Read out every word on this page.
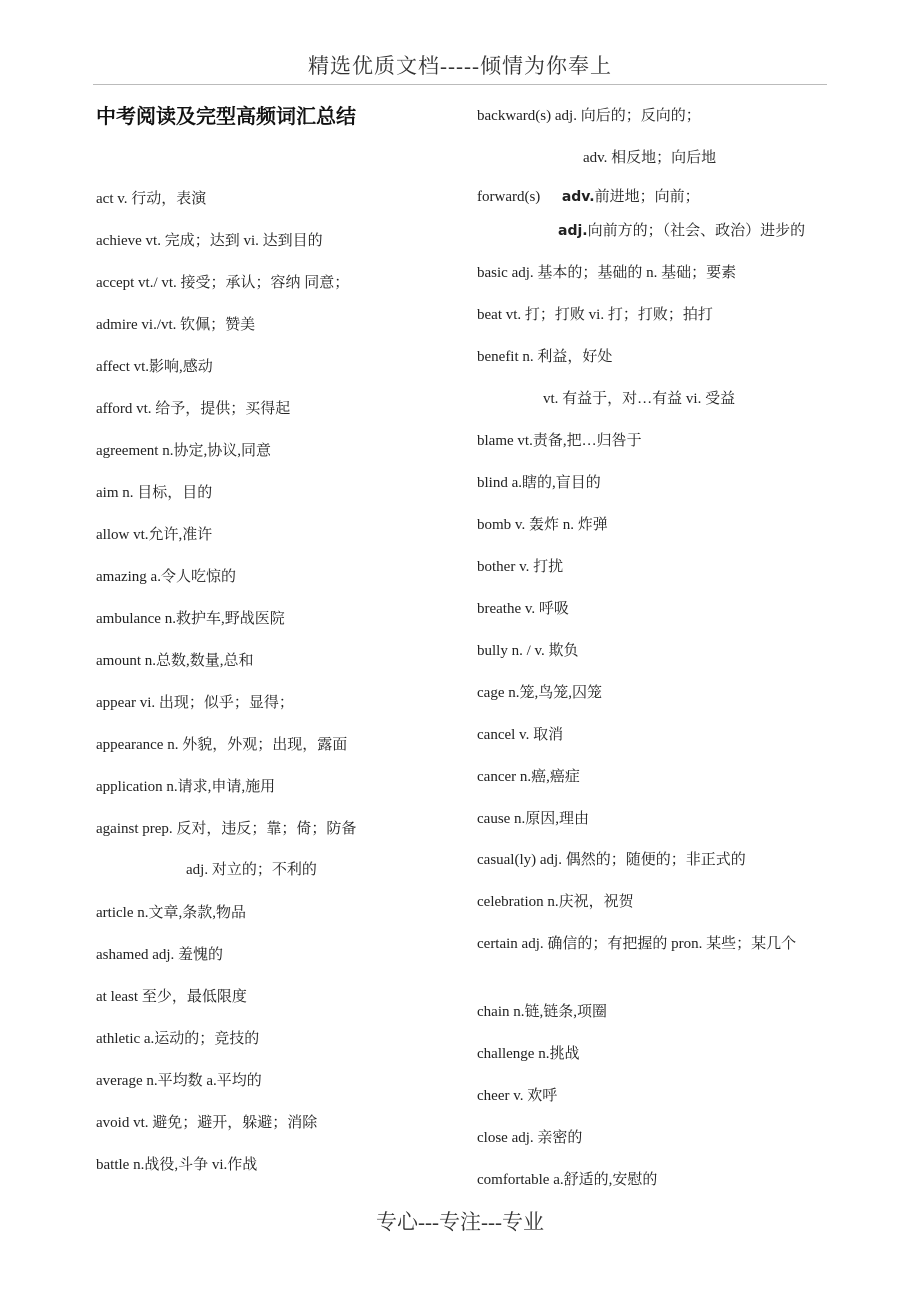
精选优质文档-----倾情为你奉上
中考阅读及完型高频词汇总结
act v. 行动，表演
achieve vt. 完成；达到 vi. 达到目的
accept vt./ vt. 接受；承认；容纳 同意；
admire vi./vt. 钦佩；赞美
affect vt.影响,感动
afford vt. 给予，提供；买得起
agreement n.协定,协议,同意
aim n. 目标，目的
allow vt.允许,准许
amazing a.令人吃惊的
ambulance n.救护车,野战医院
amount n.总数,数量,总和
appear vi. 出现；似乎；显得；
appearance n. 外貌，外观；出现，露面
application n.请求,申请,施用
against prep. 反对，违反；靠；倚；防备
adj. 对立的；不利的
article n.文章,条款,物品
ashamed adj. 羞愧的
at least 至少，最低限度
athletic a.运动的；竞技的
average n.平均数 a.平均的
avoid vt. 避免；避开，躲避；消除
battle n.战役,斗争 vi.作战
backward(s) adj. 向后的；反向的；
adv. 相反地；向后地
forward(s) adv.前进地；向前；
adj.向前方的；（社会、政治）进步的
basic adj. 基本的；基础的 n. 基础；要素
beat vt. 打；打败 vi. 打；打败；拍打
benefit n. 利益，好处
vt. 有益于，对…有益 vi. 受益
blame vt.责备,把…归咎于
blind a.瞎的,盲目的
bomb v. 轰炸 n. 炸弹
bother v. 打扰
breathe v. 呼吸
bully n. / v. 欺负
cage n.笼,鸟笼,囚笼
cancel v. 取消
cancer n.癌,癌症
cause n.原因,理由
casual(ly) adj. 偶然的；随便的；非正式的
celebration n.庆祝，祝贺
certain adj. 确信的；有把握的 pron. 某些；某几个
chain n.链,链条,项圈
challenge n.挑战
cheer v. 欢呼
close adj. 亲密的
comfortable a.舒适的,安慰的
专心---专注---专业
